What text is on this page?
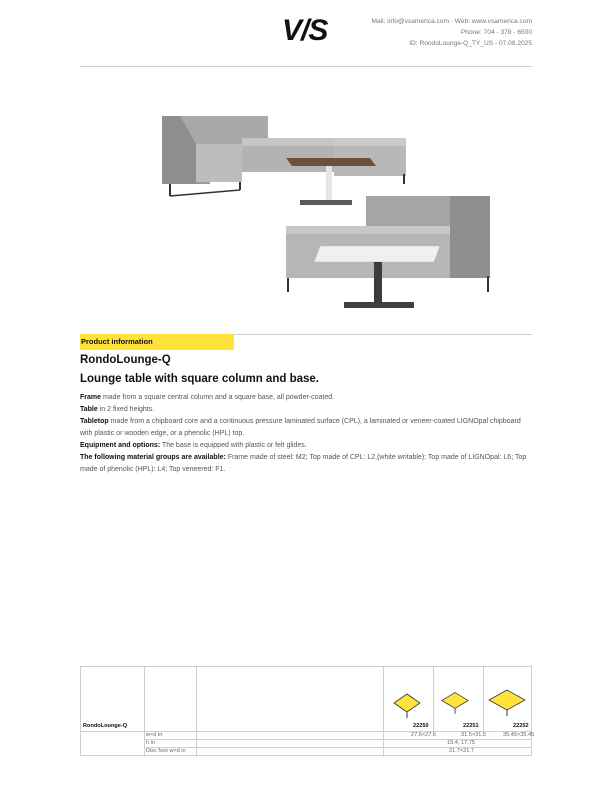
V/S	Mail: info@vsamerica.com · Web: www.vsamerica.com
Phone: 704 - 378 - 6500
ID: RondoLounge-Q_TY_US - 07.08.2025
Product information
RondoLounge-Q
Lounge table with square column and base.

Frame made from a square central column and a square base, all powder-coated.

Table in 2 fixed heights.

Tabletop made from a chipboard core and a continuous pressure laminated surface (CPL), a laminated or veneer-coated LIGNOpal chipboard with plastic or wooden edge, or a phenolic (HPL) top.

Equipment and options: The base is equipped with plastic or felt glides.

The following material groups are available: Frame made of steel: M2; Top made of CPL: L2,(white writable); Top made of LIGNOpal: L6; Top made of phenolic (HPL): L4; Top veneered: F1.

RondoLounge-Q	22250	22251	22252
w×d in	27.6×27.6	31.5×31.5	35.45×35.45
h in	15.4; 17.75
Disc foot w×d in	21.7×21.7
